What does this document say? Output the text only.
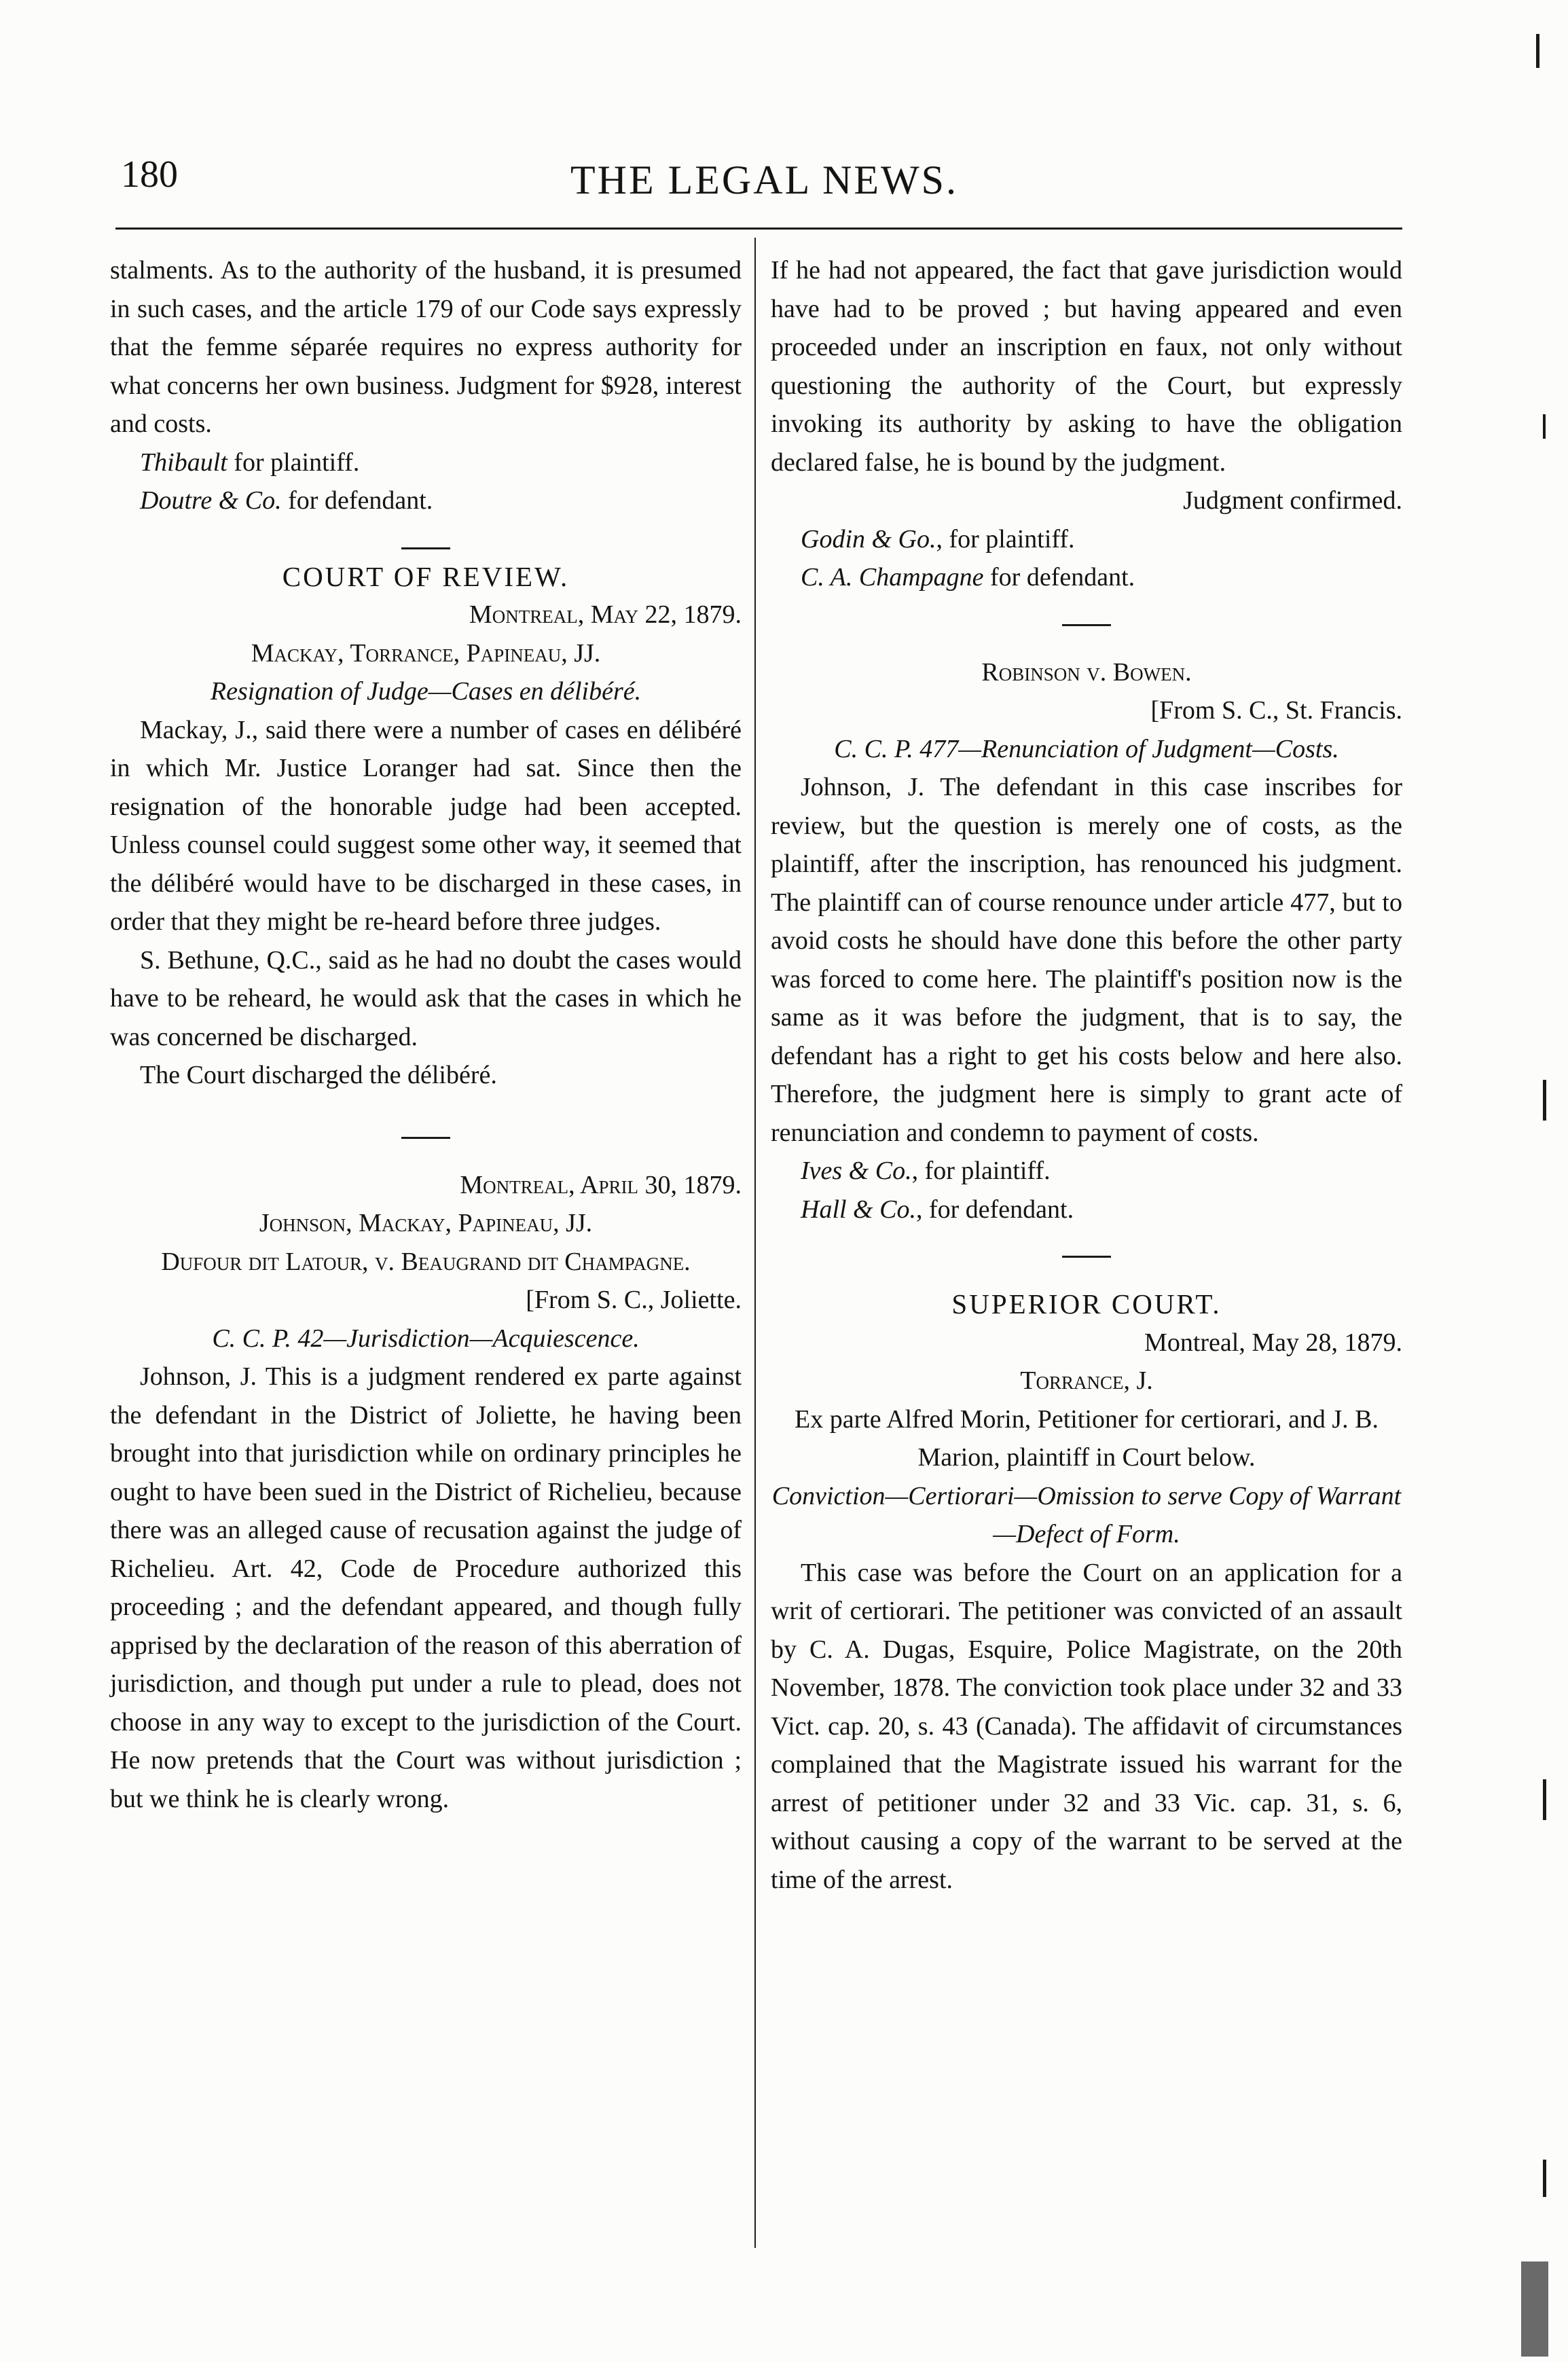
180	THE LEGAL NEWS.

stalments. As to the authority of the husband, it is presumed in such cases, and the article 179 of our Code says expressly that the femme séparée requires no express authority for what concerns her own business. Judgment for $928, interest and costs.

Thibault for plaintiff.

Doutre & Co. for defendant.

COURT OF REVIEW.

Montreal, May 22, 1879.

Mackay, Torrance, Papineau, JJ.

Resignation of Judge—Cases en délibéré.

Mackay, J., said there were a number of cases en délibéré in which Mr. Justice Loranger had sat. Since then the resignation of the honorable judge had been accepted. Unless counsel could suggest some other way, it seemed that the délibéré would have to be discharged in these cases, in order that they might be re-heard before three judges.

S. Bethune, Q.C., said as he had no doubt the cases would have to be reheard, he would ask that the cases in which he was concerned be discharged.

The Court discharged the délibéré.

Montreal, April 30, 1879.

Johnson, Mackay, Papineau, JJ.

Dufour dit Latour, v. Beaugrand dit Champagne.

[From S. C., Joliette.

C. C. P. 42—Jurisdiction—Acquiescence.

Johnson, J. This is a judgment rendered ex parte against the defendant in the District of Joliette, he having been brought into that jurisdiction while on ordinary principles he ought to have been sued in the District of Richelieu, because there was an alleged cause of recusation against the judge of Richelieu. Art. 42, Code de Procedure authorized this proceeding ; and the defendant appeared, and though fully apprised by the declaration of the reason of this aberration of jurisdiction, and though put under a rule to plead, does not choose in any way to except to the jurisdiction of the Court. He now pretends that the Court was without jurisdiction ; but we think he is clearly wrong.

If he had not appeared, the fact that gave jurisdiction would have had to be proved ; but having appeared and even proceeded under an inscription en faux, not only without questioning the authority of the Court, but expressly invoking its authority by asking to have the obligation declared false, he is bound by the judgment.

Judgment confirmed.

Godin & Go., for plaintiff.

C. A. Champagne for defendant.

Robinson v. Bowen.

[From S. C., St. Francis.

C. C. P. 477—Renunciation of Judgment—Costs.

Johnson, J. The defendant in this case inscribes for review, but the question is merely one of costs, as the plaintiff, after the inscription, has renounced his judgment. The plaintiff can of course renounce under article 477, but to avoid costs he should have done this before the other party was forced to come here. The plaintiff's position now is the same as it was before the judgment, that is to say, the defendant has a right to get his costs below and here also. Therefore, the judgment here is simply to grant acte of renunciation and condemn to payment of costs.

Ives & Co., for plaintiff.

Hall & Co., for defendant.

SUPERIOR COURT.

Montreal, May 28, 1879.

Torrance, J.

Ex parte Alfred Morin, Petitioner for certiorari, and J. B. Marion, plaintiff in Court below.

Conviction—Certiorari—Omission to serve Copy of Warrant—Defect of Form.

This case was before the Court on an application for a writ of certiorari. The petitioner was convicted of an assault by C. A. Dugas, Esquire, Police Magistrate, on the 20th November, 1878. The conviction took place under 32 and 33 Vict. cap. 20, s. 43 (Canada). The affidavit of circumstances complained that the Magistrate issued his warrant for the arrest of petitioner under 32 and 33 Vic. cap. 31, s. 6, without causing a copy of the warrant to be served at the time of the arrest.
